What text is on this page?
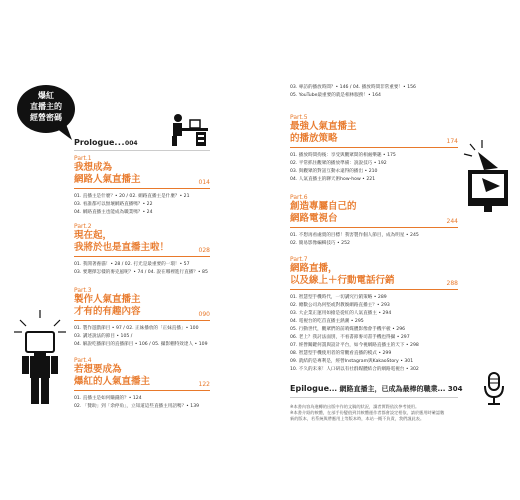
爆紅
直播主的
經營密碼
Prologue...004
Part.1
我想成為
網路人氣直播主	014
01. 直播主是什麼？• 20 / 02. 網路直播主是什麼？• 21
03. 看誰都可以無壞網路直播嗎？• 22
04. 網路直播主也能成為職業嗎？• 24
Part.2
現在起，
我將於也是直播主啦！	028
01. 我閒著養貓！• 28 / 02. 打光是最重要的一環！• 57
03. 要選擇怎樣的麥克風呢？• 74 / 04. 說在哪裡進行直播？• 85
Part.3
製作人氣直播主
才有的有趣內容	090
01. 製作遊戲節目 • 97 / 02. 正妹播放的「正妹直播」• 100
03. 講述說法的節目 • 105 /
04. 解說吃播節目的直播節目 • 106 / 05. 攝影棚特效達人 • 109
Part.4
若想要成為
爆紅的人氣直播主	122
01. 直播主是如何賺錢的？• 124
02. 「贊助」到「余停角」，立知道這些直播主用語嗎？• 139
03. 專訪的播放時間？• 146 / 04. 播放時間非常重要！• 156
05. YouTube最重要的就是相林服務！• 164
Part.5
最強人氣直播主
的播放策略	174
01. 播放時間拘後：享受與觀眾間的相處樂趣 • 175
02. 平常抓住觀眾的播放準備：說說技巧 • 192
03. 與觀眾的對話互動永遠得的播出 • 210
04. 人氣直播主的聊天術how-how • 221
Part.6
創造專屬自己的
網路電視台	244
01. 不想再看處賣的目標！我害製作個人節目，成為明星 • 245
02. 簡易影像編輯技巧 • 252
Part.7
網路直播，
以及線上＋行動電話行銷	288
01. 智慧型手機時代，一切講究行銷策略 • 289
02. 總數公司為何堅或對教娛網路直播主？• 293
03. 大企業正運用如搶是從紅的人氣直播主 • 294
04. 電視台的吃首直播主熱潮 • 295
05. 行動世代，觀眾們的前哨媒體影像會手機平板 • 296
06. 老上？我討法面別，不看書節麥司書手機也得攝 • 297
07. 經營關鍵何謂與設計平台，如今視網路直播主的天下 • 298
08. 智慧型手機使用者的常觀看直播的模式 • 299
09. 就結的是專利是，經營Instagram與KakaoStory • 301
10. 不久的未來！人口研以有社群媒體結合的網路電視台 • 302
Epilogue... 網路直播主，已成為最棒的職業... 304
※本書內容為進轉的出版中作的文稿的狀況，讀者實際依次參考使用。
※本書介紹的軟體，在部手份變值到其軟體運作者都會設定相依，請於應用時確認數
新的版本，若系統與帶應用上等版本時，本站一概不負責，我們謹此表。
